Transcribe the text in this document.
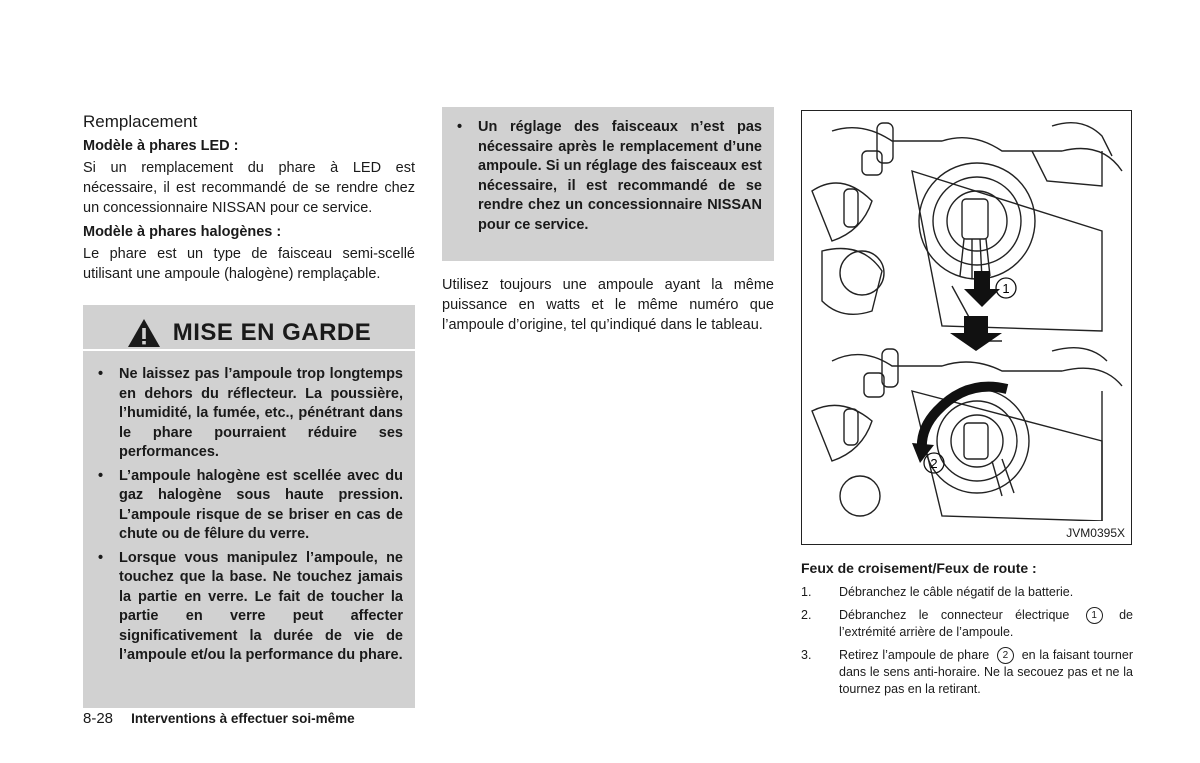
Remplacement
Modèle à phares LED :
Si un remplacement du phare à LED est nécessaire, il est recommandé de se rendre chez un concessionnaire NISSAN pour ce service.
Modèle à phares halogènes :
Le phare est un type de faisceau semi-scellé utilisant une ampoule (halogène) remplaçable.
MISE EN GARDE
• Ne laissez pas l’ampoule trop longtemps en dehors du réflecteur. La poussière, l’humidité, la fumée, etc., pénétrant dans le phare pourraient réduire ses performances.
• L’ampoule halogène est scellée avec du gaz halogène sous haute pression. L’ampoule risque de se briser en cas de chute ou de fêlure du verre.
• Lorsque vous manipulez l’ampoule, ne touchez que la base. Ne touchez jamais la partie en verre. Le fait de toucher la partie en verre peut affecter significativement la durée de vie de l’ampoule et/ou la performance du phare.
• Un réglage des faisceaux n’est pas nécessaire après le remplacement d’une ampoule. Si un réglage des faisceaux est nécessaire, il est recommandé de se rendre chez un concessionnaire NISSAN pour ce service.
Utilisez toujours une ampoule ayant la même puissance en watts et le même numéro que l’ampoule d’origine, tel qu’indiqué dans le tableau.
1
2
JVM0395X
Feux de croisement/Feux de route :
1. Débranchez le câble négatif de la batterie.
2. Débranchez le connecteur électrique 1 de l’extrémité arrière de l’ampoule.
3. Retirez l’ampoule de phare 2 en la faisant tourner dans le sens anti-horaire. Ne la secouez pas et ne la tournez pas en la retirant.
8-28 Interventions à effectuer soi-même
